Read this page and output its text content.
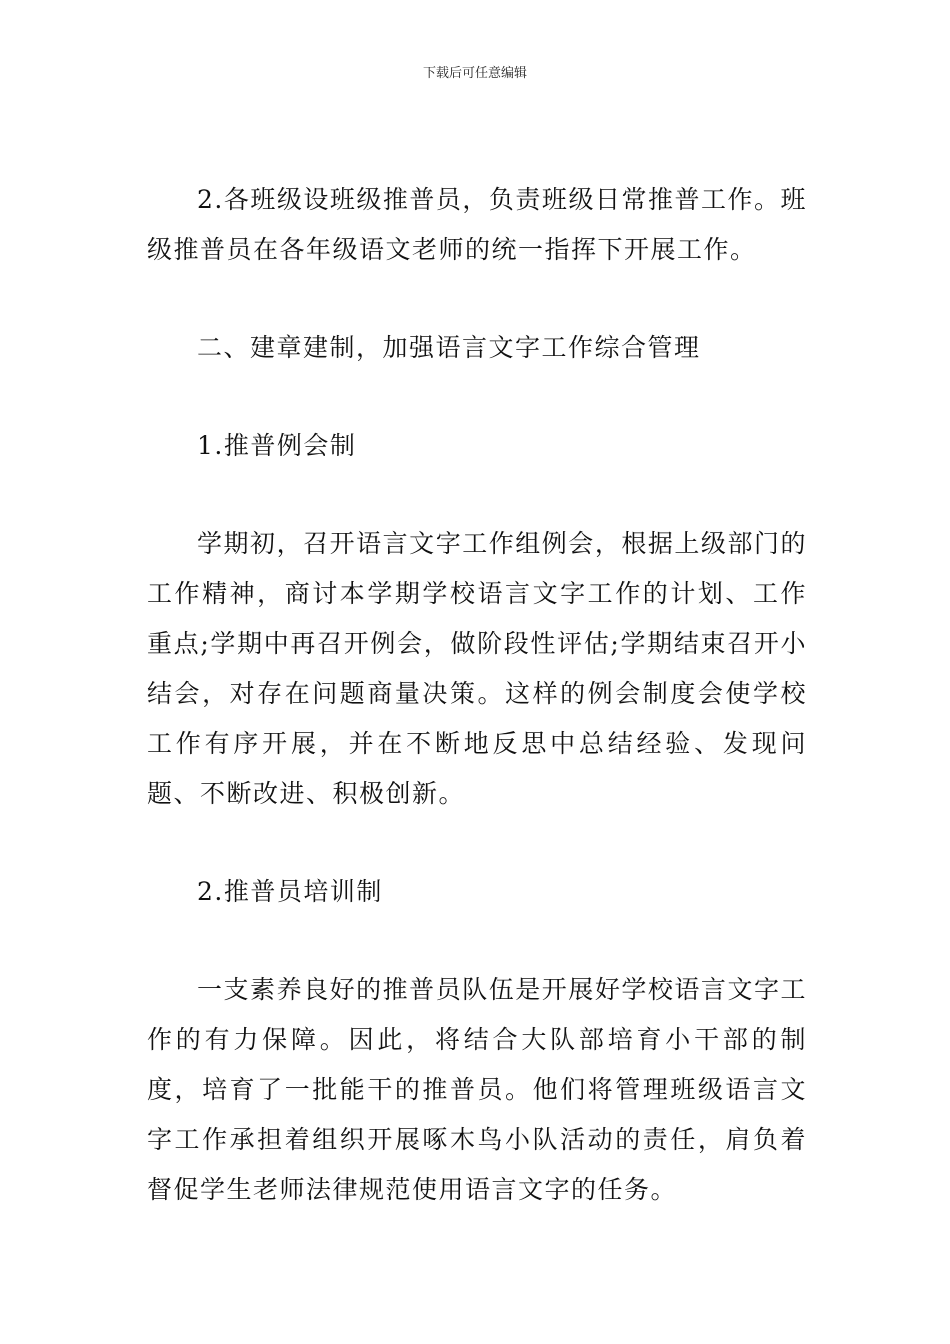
下载后可任意编辑

2.各班级设班级推普员，负责班级日常推普工作。班级推普员在各年级语文老师的统一指挥下开展工作。

二、建章建制，加强语言文字工作综合管理

1.推普例会制

学期初，召开语言文字工作组例会，根据上级部门的工作精神，商讨本学期学校语言文字工作的计划、工作重点;学期中再召开例会，做阶段性评估;学期结束召开小结会，对存在问题商量决策。这样的例会制度会使学校工作有序开展，并在不断地反思中总结经验、发现问题、不断改进、积极创新。

2.推普员培训制

一支素养良好的推普员队伍是开展好学校语言文字工作的有力保障。因此，将结合大队部培育小干部的制度，培育了一批能干的推普员。他们将管理班级语言文字工作承担着组织开展啄木鸟小队活动的责任，肩负着督促学生老师法律规范使用语言文字的任务。
